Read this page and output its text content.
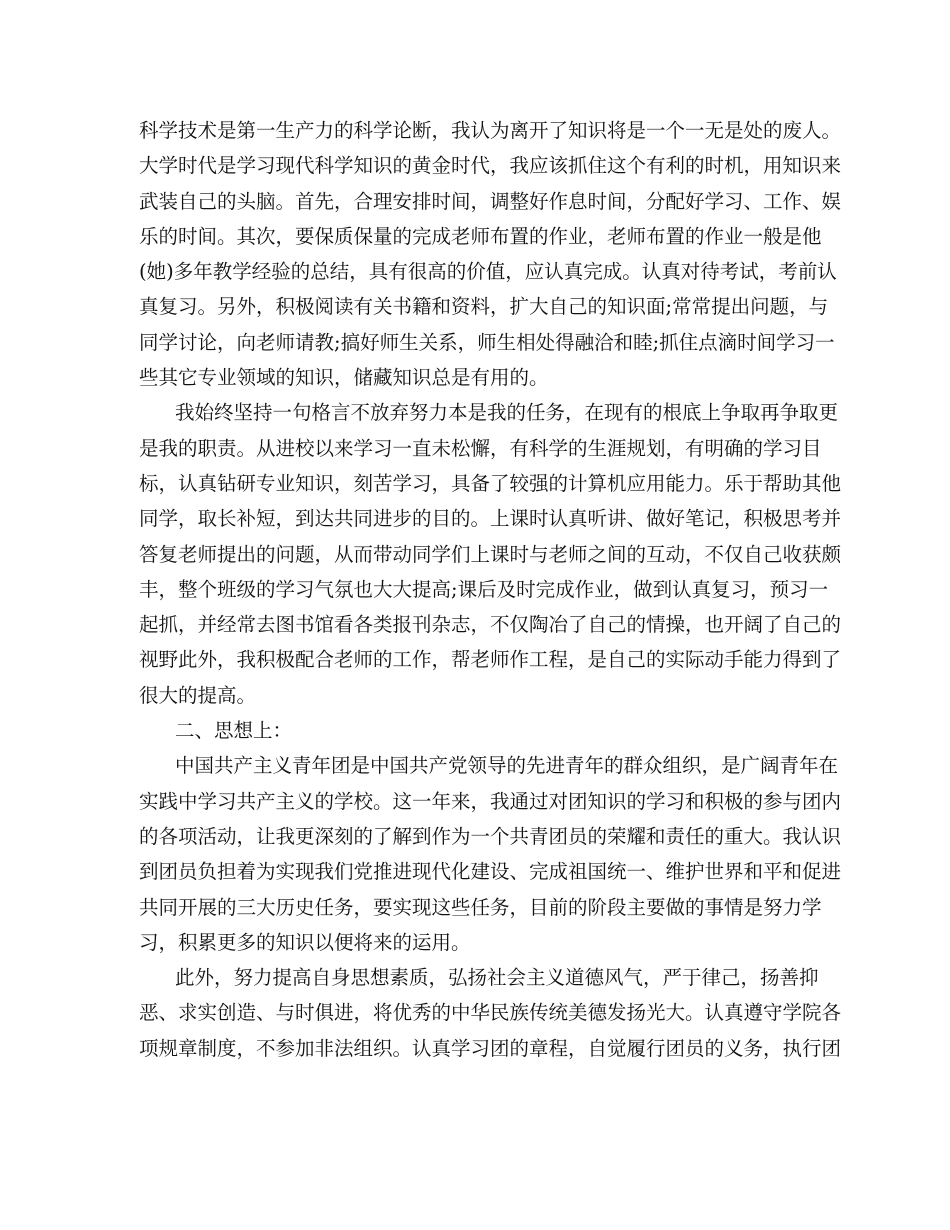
科学技术是第一生产力的科学论断，我认为离开了知识将是一个一无是处的废人。
大学时代是学习现代科学知识的黄金时代，我应该抓住这个有利的时机，用知识来
武装自己的头脑。首先，合理安排时间，调整好作息时间，分配好学习、工作、娱
乐的时间。其次，要保质保量的完成老师布置的作业，老师布置的作业一般是他
(她)多年教学经验的总结，具有很高的价值，应认真完成。认真对待考试，考前认
真复习。另外，积极阅读有关书籍和资料，扩大自己的知识面;常常提出问题，与
同学讨论，向老师请教;搞好师生关系，师生相处得融洽和睦;抓住点滴时间学习一
些其它专业领域的知识，储藏知识总是有用的。
我始终坚持一句格言不放弃努力本是我的任务，在现有的根底上争取再争取更
是我的职责。从进校以来学习一直未松懈，有科学的生涯规划，有明确的学习目
标，认真钻研专业知识，刻苦学习，具备了较强的计算机应用能力。乐于帮助其他
同学，取长补短，到达共同进步的目的。上课时认真听讲、做好笔记，积极思考并
答复老师提出的问题，从而带动同学们上课时与老师之间的互动，不仅自己收获颇
丰，整个班级的学习气氛也大大提高;课后及时完成作业，做到认真复习，预习一
起抓，并经常去图书馆看各类报刊杂志，不仅陶冶了自己的情操，也开阔了自己的
视野此外，我积极配合老师的工作，帮老师作工程，是自己的实际动手能力得到了
很大的提高。
二、思想上：
中国共产主义青年团是中国共产党领导的先进青年的群众组织，是广阔青年在
实践中学习共产主义的学校。这一年来，我通过对团知识的学习和积极的参与团内
的各项活动，让我更深刻的了解到作为一个共青团员的荣耀和责任的重大。我认识
到团员负担着为实现我们党推进现代化建设、完成祖国统一、维护世界和平和促进
共同开展的三大历史任务，要实现这些任务，目前的阶段主要做的事情是努力学
习，积累更多的知识以便将来的运用。
此外，努力提高自身思想素质，弘扬社会主义道德风气，严于律己，扬善抑
恶、求实创造、与时俱进，将优秀的中华民族传统美德发扬光大。认真遵守学院各
项规章制度，不参加非法组织。认真学习团的章程，自觉履行团员的义务，执行团
